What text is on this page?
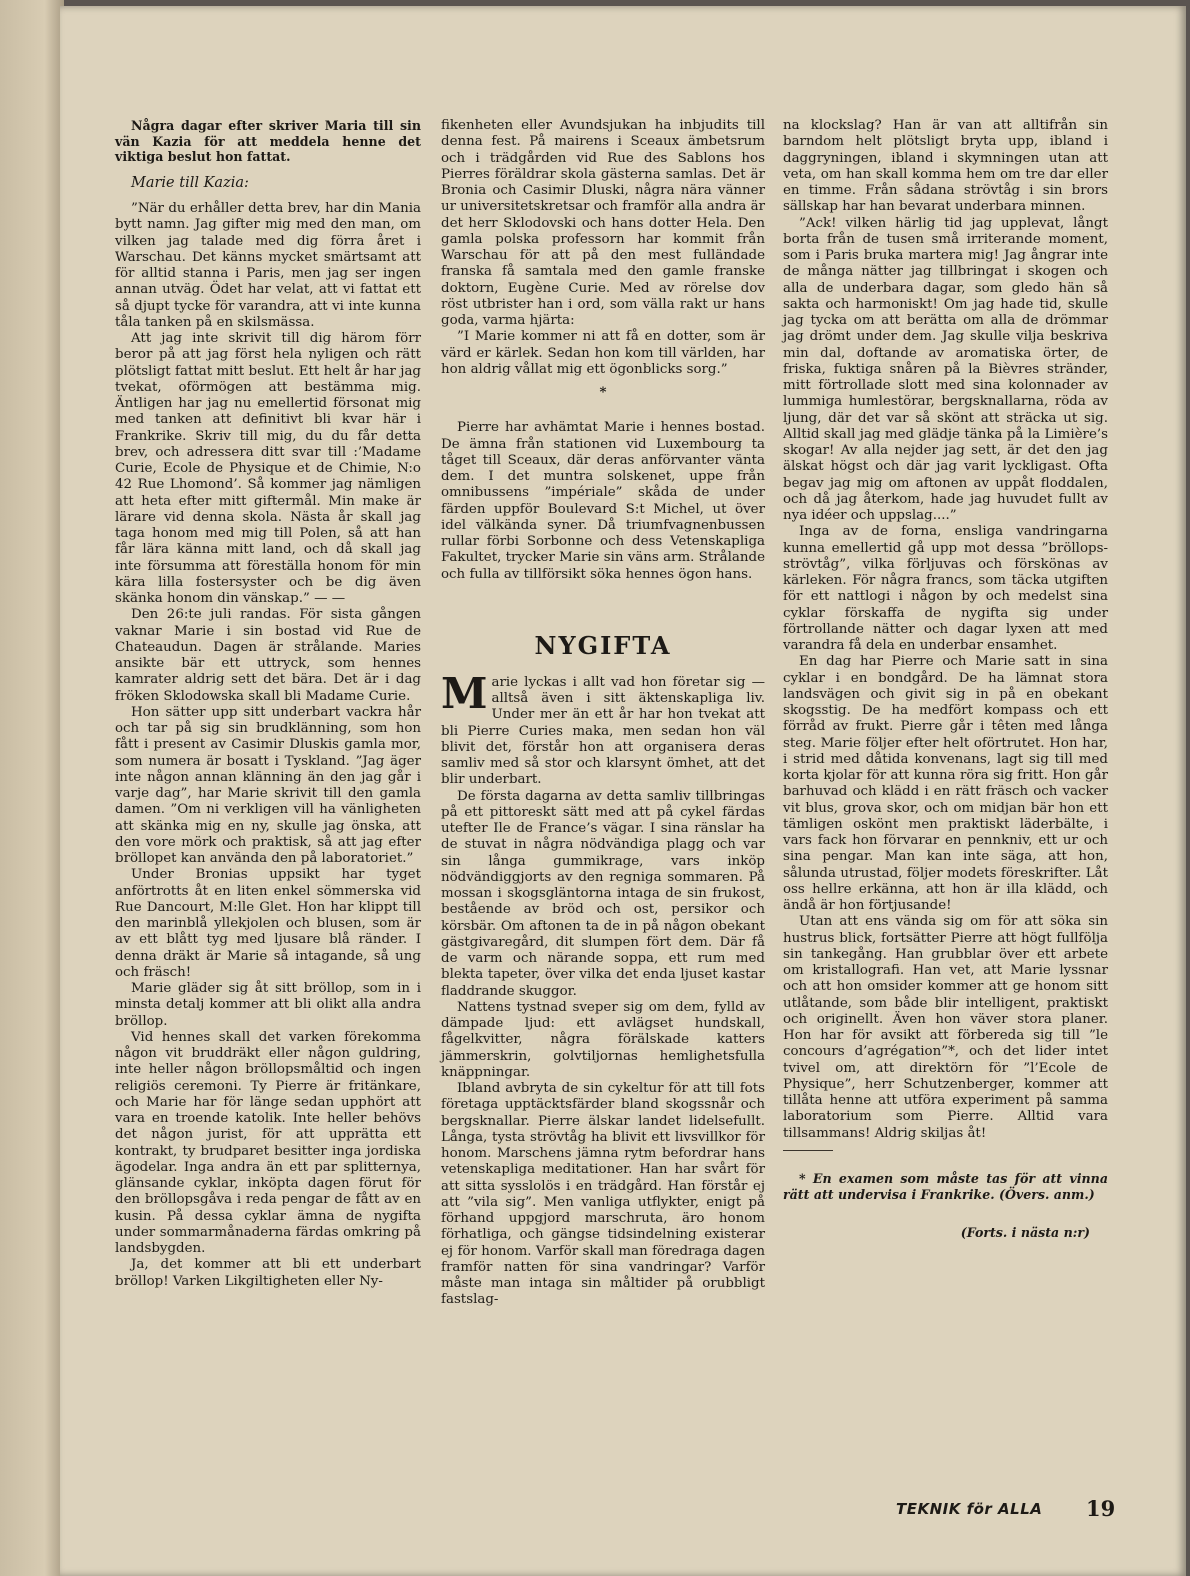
Några dagar efter skriver Maria till sin vän Kazia för att meddela henne det viktiga beslut hon fattat.

Marie till Kazia:

”När du erhåller detta brev, har din Mania bytt namn. Jag gifter mig med den man, om vilken jag talade med dig förra året i Warschau. Det känns mycket smärtsamt att för alltid stanna i Paris, men jag ser ingen annan utväg. Ödet har velat, att vi fattat ett så djupt tycke för varandra, att vi inte kunna tåla tanken på en skilsmässa.

Att jag inte skrivit till dig härom förr beror på att jag först hela nyligen och rätt plötsligt fattat mitt beslut. Ett helt år har jag tvekat, oförmögen att bestämma mig. Äntligen har jag nu emellertid försonat mig med tanken att definitivt bli kvar här i Frankrike. Skriv till mig, du du får detta brev, och adressera ditt svar till :’Madame Curie, Ecole de Physique et de Chimie, N:o 42 Rue Lhomond’. Så kommer jag nämligen att heta efter mitt giftermål. Min make är lärare vid denna skola. Nästa år skall jag taga honom med mig till Polen, så att han får lära känna mitt land, och då skall jag inte försumma att föreställa honom för min kära lilla fostersyster och be dig även skänka honom din vänskap.” — —

Den 26:te juli randas. För sista gången vaknar Marie i sin bostad vid Rue de Chateaudun. Dagen är strålande. Maries ansikte bär ett uttryck, som hennes kamrater aldrig sett det bära. Det är i dag fröken Sklodowska skall bli Madame Curie.

Hon sätter upp sitt underbart vackra hår och tar på sig sin brudklänning, som hon fått i present av Casimir Dluskis gamla mor, som numera är bosatt i Tyskland. ”Jag äger inte någon annan klänning än den jag går i varje dag”, har Marie skrivit till den gamla damen. ”Om ni verkligen vill ha vänligheten att skänka mig en ny, skulle jag önska, att den vore mörk och praktisk, så att jag efter bröllopet kan använda den på laboratoriet.”

Under Bronias uppsikt har tyget anförtrotts åt en liten enkel sömmerska vid Rue Dancourt, M:lle Glet. Hon har klippt till den marinblå yllekjolen och blusen, som är av ett blått tyg med ljusare blå ränder. I denna dräkt är Marie så intagande, så ung och fräsch!

Marie gläder sig åt sitt bröllop, som in i minsta detalj kommer att bli olikt alla andra bröllop.

Vid hennes skall det varken förekomma någon vit bruddräkt eller någon guldring, inte heller någon bröllopsmåltid och ingen religiös ceremoni. Ty Pierre är fritänkare, och Marie har för länge sedan upphört att vara en troende katolik. Inte heller behövs det någon jurist, för att upprätta ett kontrakt, ty brudparet besitter inga jordiska ägodelar. Inga andra än ett par splitternya, glänsande cyklar, inköpta dagen förut för den bröllopsgåva i reda pengar de fått av en kusin. På dessa cyklar ämna de nygifta under sommarmånaderna färdas omkring på landsbygden.

Ja, det kommer att bli ett underbart bröllop! Varken Likgiltigheten eller Ny-

fikenheten eller Avundsjukan ha inbjudits till denna fest. På mairens i Sceaux ämbetsrum och i trädgården vid Rue des Sablons hos Pierres föräldrar skola gästerna samlas. Det är Bronia och Casimir Dluski, några nära vänner ur universitetskretsar och framför alla andra är det herr Sklodovski och hans dotter Hela. Den gamla polska professorn har kommit från Warschau för att på den mest fulländade franska få samtala med den gamle franske doktorn, Eugène Curie. Med av rörelse dov röst utbrister han i ord, som välla rakt ur hans goda, varma hjärta:

”I Marie kommer ni att få en dotter, som är värd er kärlek. Sedan hon kom till världen, har hon aldrig vållat mig ett ögonblicks sorg.”

*

Pierre har avhämtat Marie i hennes bostad. De ämna från stationen vid Luxembourg ta tåget till Sceaux, där deras anförvanter vänta dem. I det muntra solskenet, uppe från omnibussens ”impériale” skåda de under färden uppför Boulevard S:t Michel, ut över idel välkända syner. Då triumfvagnenbussen rullar förbi Sorbonne och dess Vetenskapliga Fakultet, trycker Marie sin väns arm. Strålande och fulla av tillförsikt söka hennes ögon hans.

NYGIFTA

Marie lyckas i allt vad hon företar sig — alltså även i sitt äktenskapliga liv. Under mer än ett år har hon tvekat att bli Pierre Curies maka, men sedan hon väl blivit det, förstår hon att organisera deras samliv med så stor och klarsynt ömhet, att det blir underbart.

De första dagarna av detta samliv tillbringas på ett pittoreskt sätt med att på cykel färdas utefter Ile de France’s vägar. I sina ränslar ha de stuvat in några nödvändiga plagg och var sin långa gummikrage, vars inköp nödvändiggjorts av den regniga sommaren. På mossan i skogsgläntorna intaga de sin frukost, bestående av bröd och ost, persikor och körsbär. Om aftonen ta de in på någon obekant gästgivaregård, dit slumpen fört dem. Där få de varm och närande soppa, ett rum med blekta tapeter, över vilka det enda ljuset kastar fladdrande skuggor.

Nattens tystnad sveper sig om dem, fylld av dämpade ljud: ett avlägset hundskall, fågelkvitter, några förälskade katters jämmerskrin, golvtiljornas hemlighetsfulla knäppningar.

Ibland avbryta de sin cykeltur för att till fots företaga upptäcktsfärder bland skogssnår och bergsknallar. Pierre älskar landet lidelsefullt. Långa, tysta strövtåg ha blivit ett livsvillkor för honom. Marschens jämna rytm befordrar hans vetenskapliga meditationer. Han har svårt för att sitta sysslolös i en trädgård. Han förstår ej att ”vila sig”. Men vanliga utflykter, enigt på förhand uppgjord marschruta, äro honom förhatliga, och gängse tidsindelning existerar ej för honom. Varför skall man föredraga dagen framför natten för sina vandringar? Varför måste man intaga sin måltider på orubbligt fastslag-

na klockslag? Han är van att alltifrån sin barndom helt plötsligt bryta upp, ibland i daggryningen, ibland i skymningen utan att veta, om han skall komma hem om tre dar eller en timme. Från sådana strövtåg i sin brors sällskap har han bevarat underbara minnen.

”Ack! vilken härlig tid jag upplevat, långt borta från de tusen små irriterande moment, som i Paris bruka martera mig! Jag ångrar inte de många nätter jag tillbringat i skogen och alla de underbara dagar, som gledo hän så sakta och harmoniskt! Om jag hade tid, skulle jag tycka om att berätta om alla de drömmar jag drömt under dem. Jag skulle vilja beskriva min dal, doftande av aromatiska örter, de friska, fuktiga snåren på la Bièvres stränder, mitt förtrollade slott med sina kolonnader av lummiga humlestörar, bergsknallarna, röda av ljung, där det var så skönt att sträcka ut sig. Alltid skall jag med glädje tänka på la Limière’s skogar! Av alla nejder jag sett, är det den jag älskat högst och där jag varit lyckligast. Ofta begav jag mig om aftonen av uppåt floddalen, och då jag återkom, hade jag huvudet fullt av nya idéer och uppslag....”

Inga av de forna, ensliga vandringarna kunna emellertid gå upp mot dessa ”bröllops-strövtåg”, vilka förljuvas och förskönas av kärleken. För några francs, som täcka utgiften för ett nattlogi i någon by och medelst sina cyklar förskaffa de nygifta sig under förtrollande nätter och dagar lyxen att med varandra få dela en underbar ensamhet.

En dag har Pierre och Marie satt in sina cyklar i en bondgård. De ha lämnat stora landsvägen och givit sig in på en obekant skogsstig. De ha medfört kompass och ett förråd av frukt. Pierre går i têten med långa steg. Marie följer efter helt oförtrutet. Hon har, i strid med dåtida konvenans, lagt sig till med korta kjolar för att kunna röra sig fritt. Hon går barhuvad och klädd i en rätt fräsch och vacker vit blus, grova skor, och om midjan bär hon ett tämligen oskönt men praktiskt läderbälte, i vars fack hon förvarar en pennkniv, ett ur och sina pengar. Man kan inte säga, att hon, sålunda utrustad, följer modets föreskrifter. Låt oss hellre erkänna, att hon är illa klädd, och ändå är hon förtjusande!

Utan att ens vända sig om för att söka sin hustrus blick, fortsätter Pierre att högt fullfölja sin tankegång. Han grubblar över ett arbete om kristallografi. Han vet, att Marie lyssnar och att hon omsider kommer att ge honom sitt utlåtande, som både blir intelligent, praktiskt och originellt. Även hon väver stora planer. Hon har för avsikt att förbereda sig till ”le concours d’agrégation”*, och det lider intet tvivel om, att direktörn för ”l’Ecole de Physique”, herr Schutzenberger, kommer att tillåta henne att utföra experiment på samma laboratorium som Pierre. Alltid vara tillsammans! Aldrig skiljas åt!

* En examen som måste tas för att vinna rätt att undervisa i Frankrike. (Övers. anm.)

(Forts. i nästa n:r)

TEKNIK för ALLA 19
